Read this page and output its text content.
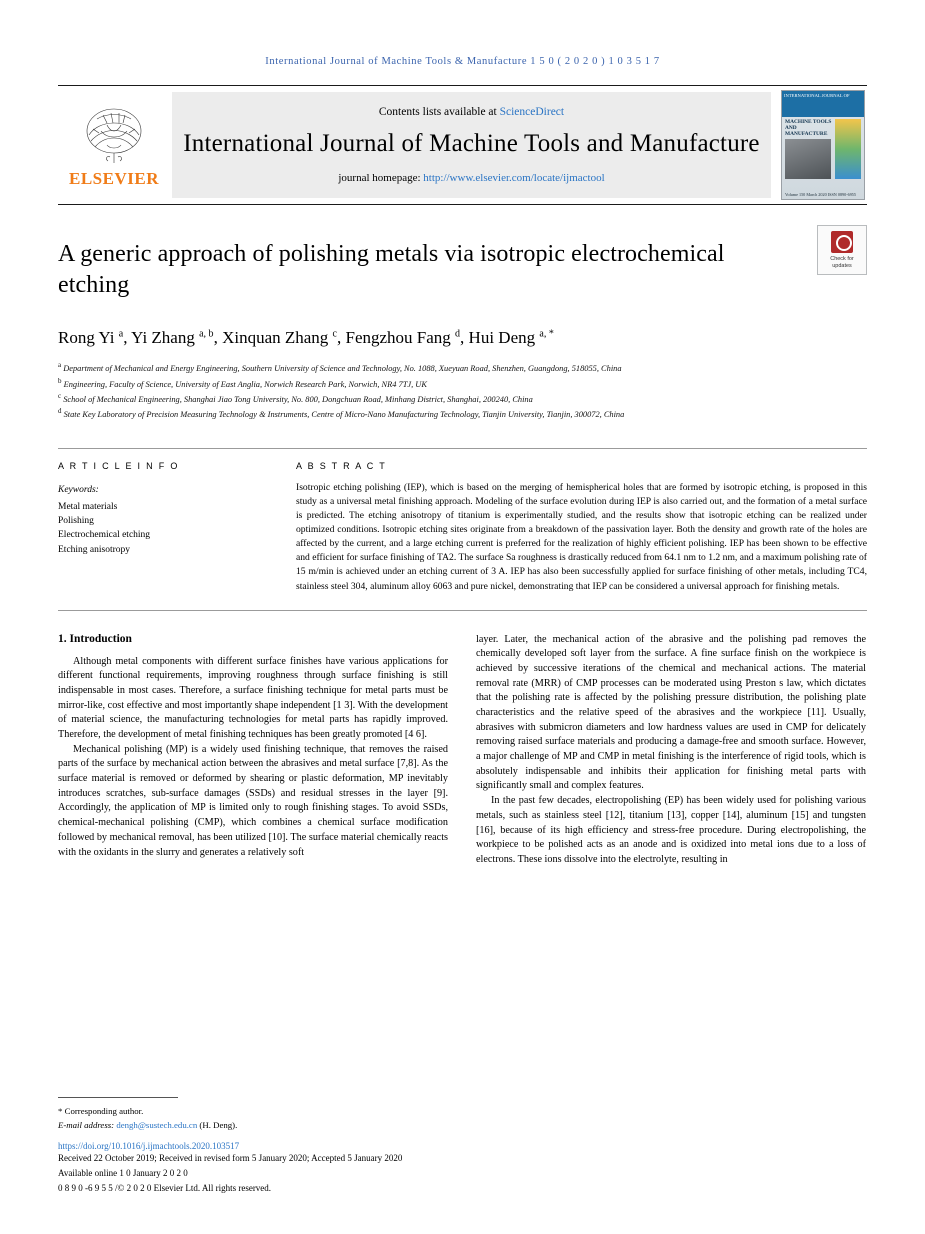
International Journal of Machine Tools & Manufacture 1 5 0 ( 2 0 2 0 ) 1 0 3 5 1 7
ELSEVIER
Contents lists available at ScienceDirect
International Journal of Machine Tools and Manufacture
journal homepage: http://www.elsevier.com/locate/ijmactool
INTERNATIONAL JOURNAL OF
MACHINE TOOLS AND MANUFACTURE
Volume 150 March 2020 ISSN 0890-6955
Check for
updates
A generic approach of polishing metals via isotropic electrochemical etching
Rong Yi $^a$, Yi Zhang $^{a, b}$, Xinquan Zhang $^c$, Fengzhou Fang $^d$, Hui Deng $^{a, *}$
$^a$ Department of Mechanical and Energy Engineering, Southern University of Science and Technology, No. 1088, Xueyuan Road, Shenzhen, Guangdong, 518055, China
$^b$ Engineering, Faculty of Science, University of East Anglia, Norwich Research Park, Norwich, NR4 7TJ, UK
$^c$ School of Mechanical Engineering, Shanghai Jiao Tong University, No. 800, Dongchuan Road, Minhang District, Shanghai, 200240, China
$^d$ State Key Laboratory of Precision Measuring Technology & Instruments, Centre of Micro-Nano Manufacturing Technology, Tianjin University, Tianjin, 300072, China
A R T I C L E I N F O
Keywords:
Metal materials
Polishing
Electrochemical etching
Etching anisotropy
A B S T R A C T
Isotropic etching polishing (IEP), which is based on the merging of hemispherical holes that are formed by isotropic etching, is proposed in this study as a universal metal finishing approach. Modeling of the surface evolution during IEP is also carried out, and the formation of a metal surface is predicted. The etching anisotropy of titanium is experimentally studied, and the results show that isotropic etching can be realized under optimized conditions. Isotropic etching sites originate from a breakdown of the passivation layer. Both the density and growth rate of the holes are affected by the current, and a large etching current is preferred for the realization of highly efficient polishing. IEP has been shown to be effective and efficient for surface finishing of TA2. The surface Sa roughness is drastically reduced from 64.1 nm to 1.2 nm, and a maximum polishing rate of 15 m/min is achieved under an etching current of 3 A. IEP has also been successfully applied for surface finishing of other metals, including TC4, stainless steel 304, aluminum alloy 6063 and pure nickel, demonstrating that IEP can be considered a universal approach for finishing metals.
1. Introduction

Although metal components with different surface finishes have various applications for different functional requirements, improving roughness through surface finishing is still indispensable in most cases. Therefore, a surface finishing technique for metal parts must be mirror-like, cost effective and most importantly shape independent [1 3]. With the development of material science, the manufacturing technologies for metal parts has rapidly improved. Therefore, the development of metal finishing techniques has been greatly promoted [4 6].

Mechanical polishing (MP) is a widely used finishing technique, that removes the raised parts of the surface by mechanical action between the abrasives and metal surface [7,8]. As the surface material is removed or deformed by shearing or plastic deformation, MP inevitably introduces scratches, sub-surface damages (SSDs) and residual stresses in the layer [9]. Accordingly, the application of MP is limited only to rough finishing stages. To avoid SSDs, chemical-mechanical polishing (CMP), which combines a chemical surface modification followed by mechanical removal, has been utilized [10]. The surface material chemically reacts with the oxidants in the slurry and generates a relatively soft

layer. Later, the mechanical action of the abrasive and the polishing pad removes the chemically developed soft layer from the surface. A fine surface finish on the workpiece is achieved by successive iterations of the chemical and mechanical actions. The material removal rate (MRR) of CMP processes can be moderated using Preston s law, which dictates that the polishing rate is affected by the polishing pressure distribution, the polishing plate characteristics and the relative speed of the abrasives and the workpiece [11]. Usually, abrasives with submicron diameters and low hardness values are used in CMP for delicately removing raised surface materials and producing a damage-free and smooth surface. However, a major challenge of MP and CMP in metal finishing is the interference of rigid tools, which is absolutely indispensable and inhibits their application for finishing metal parts with significantly small and complex features.

In the past few decades, electropolishing (EP) has been widely used for polishing various metals, such as stainless steel [12], titanium [13], copper [14], aluminum [15] and tungsten [16], because of its high efficiency and stress-free procedure. During electropolishing, the workpiece to be polished acts as an anode and is oxidized into metal ions due to a loss of electrons. These ions dissolve into the electrolyte, resulting in

* Corresponding author.
E-mail address: dengh@sustech.edu.cn (H. Deng).
https://doi.org/10.1016/j.ijmachtools.2020.103517
Received 22 October 2019; Received in revised form 5 January 2020; Accepted 5 January 2020
Available online 1 0 January 2 0 2 0
0 8 9 0 -6 9 5 5 /© 2 0 2 0 Elsevier Ltd. All rights reserved.
